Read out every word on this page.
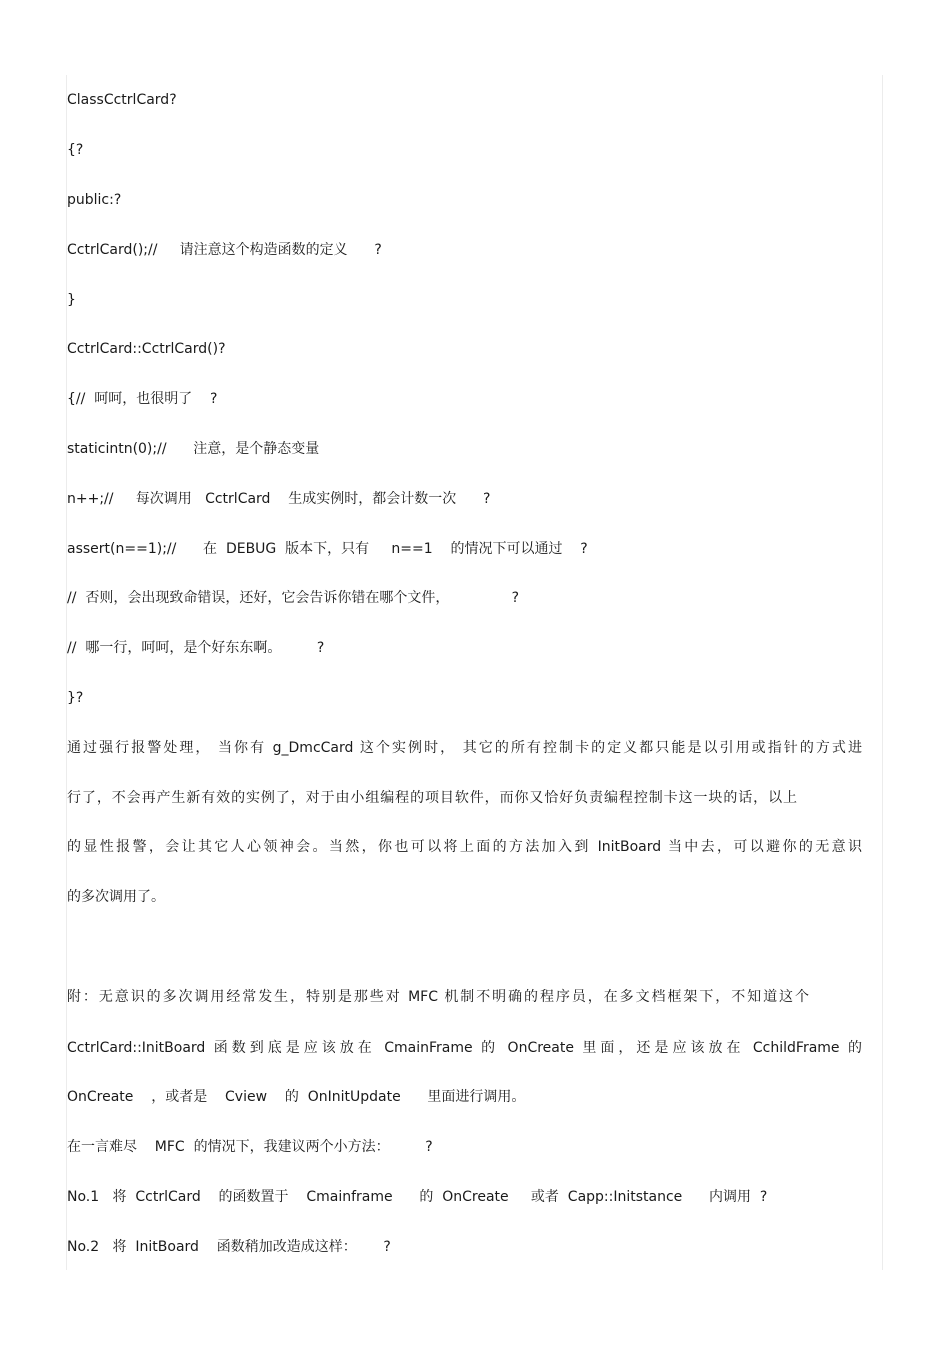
ClassCctrlCard?

{?

public:?

CctrlCard();//     请注意这个构造函数的定义      ?

}

CctrlCard::CctrlCard()?

{//  呵呵，也很明了    ?

staticintn(0);//      注意，是个静态变量

n++;//     每次调用   CctrlCard    生成实例时，都会计数一次      ?

assert(n==1);//      在  DEBUG  版本下，只有     n==1    的情况下可以通过    ?

//  否则，会出现致命错误，还好，它会告诉你错在哪个文件，              ?

//  哪一行，呵呵，是个好东东啊。        ?

}?

通过强行报警处理， 当你有 g_DmcCard 这个实例时， 其它的所有控制卡的定义都只能是以引用或指针的方式进

行了，不会再产生新有效的实例了，对于由小组编程的项目软件，而你又恰好负责编程控制卡这一块的话，以上

的显性报警，会让其它人心领神会。当然，你也可以将上面的方法加入到 InitBoard 当中去，可以避你的无意识

的多次调用了。

附：无意识的多次调用经常发生，特别是那些对 MFC 机制不明确的程序员，在多文档框架下，不知道这个

CctrlCard::InitBoard 函数到底是应该放在 CmainFrame 的 OnCreate 里面，还是应该放在 CchildFrame 的

OnCreate    ，或者是    Cview    的  OnInitUpdate      里面进行调用。

在一言难尽    MFC  的情况下，我建议两个小方法：        ?

No.1   将  CctrlCard    的函数置于    Cmainframe      的  OnCreate     或者  Capp::Initstance      内调用  ?

No.2   将  InitBoard    函数稍加改造成这样：      ?
